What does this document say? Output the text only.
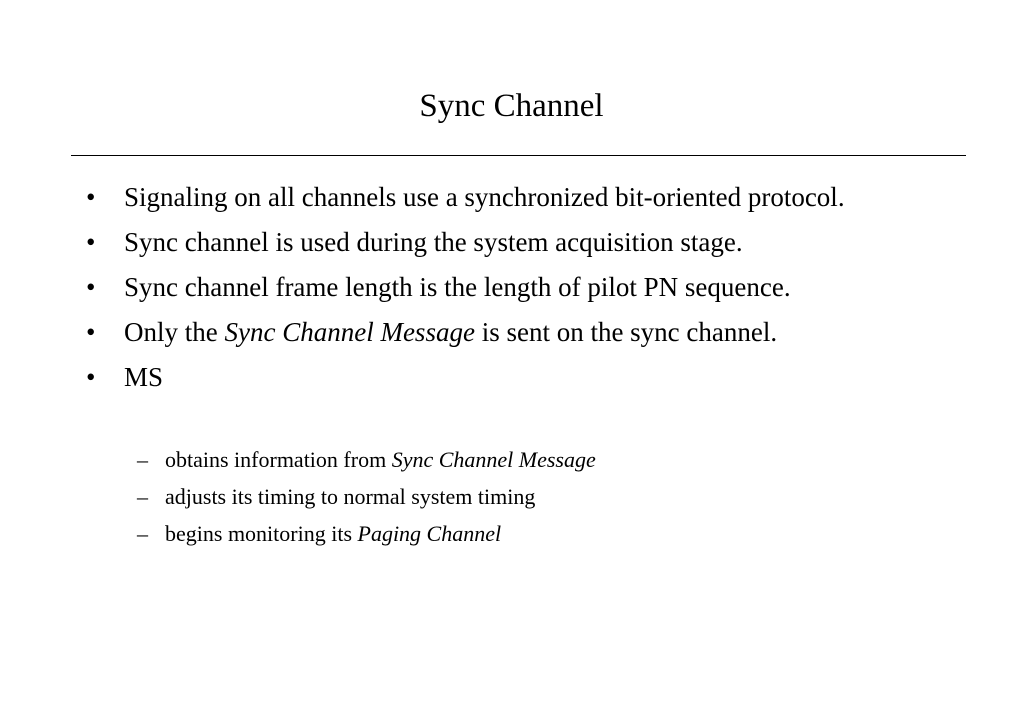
Sync Channel
• Signaling on all channels use a synchronized bit-oriented protocol.
• Sync channel is used during the system acquisition stage.
• Sync channel frame length is the length of pilot PN sequence.
• Only the Sync Channel Message is sent on the sync channel.
• MS
– obtains information from Sync Channel Message
– adjusts its timing to normal system timing
– begins monitoring its Paging Channel
